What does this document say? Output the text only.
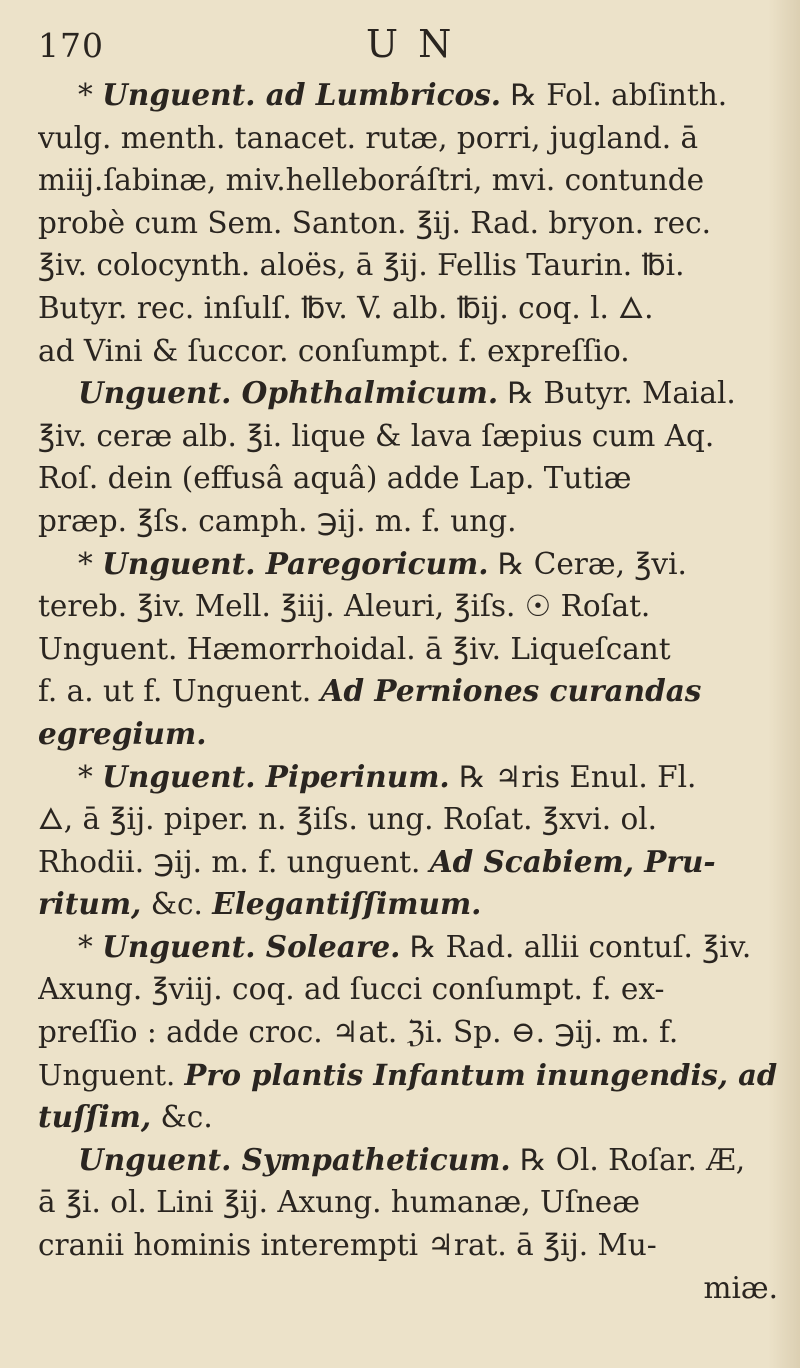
170	U N
* Unguent. ad Lumbricos. ℞ Fol. abſinth.
vulg. menth. tanacet. rutæ, porri, jugland. ā
miij.ſabinæ, miv.helleboráſtri, mvi. contunde
probè cum Sem. Santon. ℥ij. Rad. bryon. rec.
℥iv. colocynth. aloës, ā ℥ij. Fellis Taurin. ℔i.
Butyr. rec. inſulſ. ℔v. V. alb. ℔ij. coq. l. 🜂.
ad Vini & ſuccor. conſumpt. f. expreſſio.
Unguent. Ophthalmicum. ℞ Butyr. Maial.
℥iv. ceræ alb. ℥i. lique & lava ſæpius cum Aq.
Roſ. dein (effusâ aquâ) adde Lap. Tutiæ
præp. ℥ſs. camph. ℈ij. m. f. ung.
* Unguent. Paregoricum. ℞ Ceræ, ℥vi.
tereb. ℥iv. Mell. ℥iij. Aleuri, ℥iſs. ☉ Roſat.
Unguent. Hæmorrhoidal. ā ℥iv. Liqueſcant
f. a. ut f. Unguent. Ad Perniones curandas
egregium.
* Unguent. Piperinum. ℞ ♃ris Enul. Fl.
🜂, ā ℥ij. piper. n. ℥iſs. ung. Roſat. ℥xvi. ol.
Rhodii. ℈ij. m. f. unguent. Ad Scabiem, Pru-
ritum, &c. Elegantiſſimum.
* Unguent. Soleare. ℞ Rad. allii contuſ. ℥iv.
Axung. ℥viij. coq. ad ſucci conſumpt. f. ex-
preſſio : adde croc. ♃at. ℨi. Sp. ⊖. ℈ij. m. f.
Unguent. Pro plantis Infantum inungendis, ad
tuſſim, &c.
Unguent. Sympatheticum. ℞ Ol. Roſar. Æ,
ā ℥i. ol. Lini ℥ij. Axung. humanæ, Uſneæ
cranii hominis interempti ♃rat. ā ℥ij. Mu-
miæ.
